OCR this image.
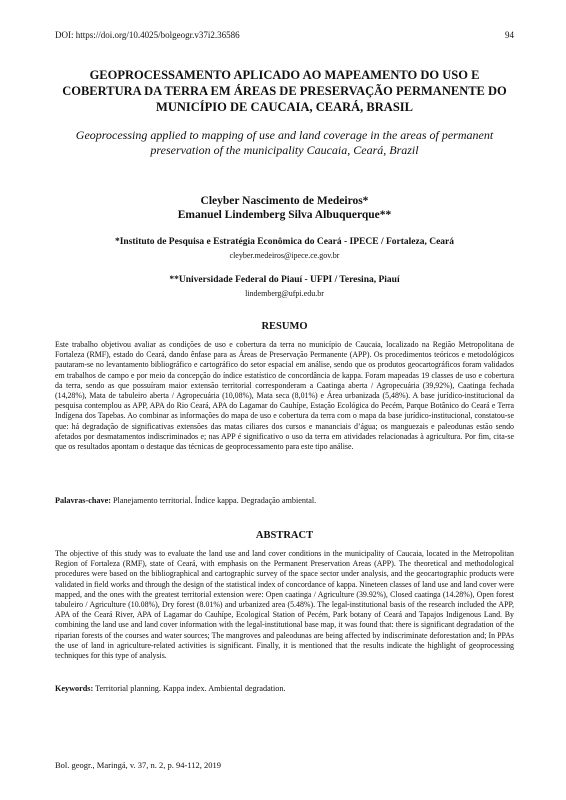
DOI: https://doi.org/10.4025/bolgeogr.v37i2.36586	94
GEOPROCESSAMENTO APLICADO AO MAPEAMENTO DO USO E COBERTURA DA TERRA EM ÁREAS DE PRESERVAÇÃO PERMANENTE DO MUNICÍPIO DE CAUCAIA, CEARÁ, BRASIL

Geoprocessing applied to mapping of use and land coverage in the areas of permanent preservation of the municipality Caucaia, Ceará, Brazil

Cleyber Nascimento de Medeiros*
Emanuel Lindemberg Silva Albuquerque**
*Instituto de Pesquisa e Estratégia Econômica do Ceará - IPECE / Fortaleza, Ceará
cleyber.medeiros@ipece.ce.gov.br
**Universidade Federal do Piauí - UFPI / Teresina, Piauí
lindemberg@ufpi.edu.br
RESUMO

Este trabalho objetivou avaliar as condições de uso e cobertura da terra no município de Caucaia, localizado na Região Metropolitana de Fortaleza (RMF), estado do Ceará, dando ênfase para as Áreas de Preservação Permanente (APP). Os procedimentos teóricos e metodológicos pautaram-se no levantamento bibliográfico e cartográfico do setor espacial em análise, sendo que os produtos geocartográficos foram validados em trabalhos de campo e por meio da concepção do índice estatístico de concordância de kappa. Foram mapeadas 19 classes de uso e cobertura da terra, sendo as que possuíram maior extensão territorial corresponderam a Caatinga aberta / Agropecuária (39,92%), Caatinga fechada (14,28%), Mata de tabuleiro aberta / Agropecuária (10,08%), Mata seca (8,01%) e Área urbanizada (5,48%). A base jurídico-institucional da pesquisa contemplou as APP, APA do Rio Ceará, APA do Lagamar do Cauhípe, Estação Ecológica do Pecém, Parque Botânico do Ceará e Terra Indígena dos Tapebas. Ao combinar as informações do mapa de uso e cobertura da terra com o mapa da base jurídico-institucional, constatou-se que: há degradação de significativas extensões das matas ciliares dos cursos e mananciais d’água; os manguezais e paleodunas estão sendo afetados por desmatamentos indiscriminados e; nas APP é significativo o uso da terra em atividades relacionadas à agricultura. Por fim, cita-se que os resultados apontam o destaque das técnicas de geoprocessamento para este tipo análise.

Palavras-chave: Planejamento territorial. Índice kappa. Degradação ambiental.
ABSTRACT

The objective of this study was to evaluate the land use and land cover conditions in the municipality of Caucaia, located in the Metropolitan Region of Fortaleza (RMF), state of Ceará, with emphasis on the Permanent Preservation Areas (APP). The theoretical and methodological procedures were based on the bibliographical and cartographic survey of the space sector under analysis, and the geocartographic products were validated in field works and through the design of the statistical index of concordance of kappa. Nineteen classes of land use and land cover were mapped, and the ones with the greatest territorial extension were: Open caatinga / Agriculture (39.92%), Closed caatinga (14.28%), Open forest tabuleiro / Agriculture (10.08%), Dry forest (8.01%) and urbanized area (5.48%). The legal-institutional basis of the research included the APP, APA of the Ceará River, APA of Lagamar do Cauhípe, Ecological Station of Pecém, Park botany of Ceará and Tapajos Indigenous Land. By combining the land use and land cover information with the legal-institutional base map, it was found that: there is significant degradation of the riparian forests of the courses and water sources; The mangroves and paleodunas are being affected by indiscriminate deforestation and; In PPAs the use of land in agriculture-related activities is significant. Finally, it is mentioned that the results indicate the highlight of geoprocessing techniques for this type of analysis.

Keywords: Territorial planning. Kappa index. Ambiental degradation.
Bol. geogr., Maringá, v. 37, n. 2, p. 94-112, 2019
